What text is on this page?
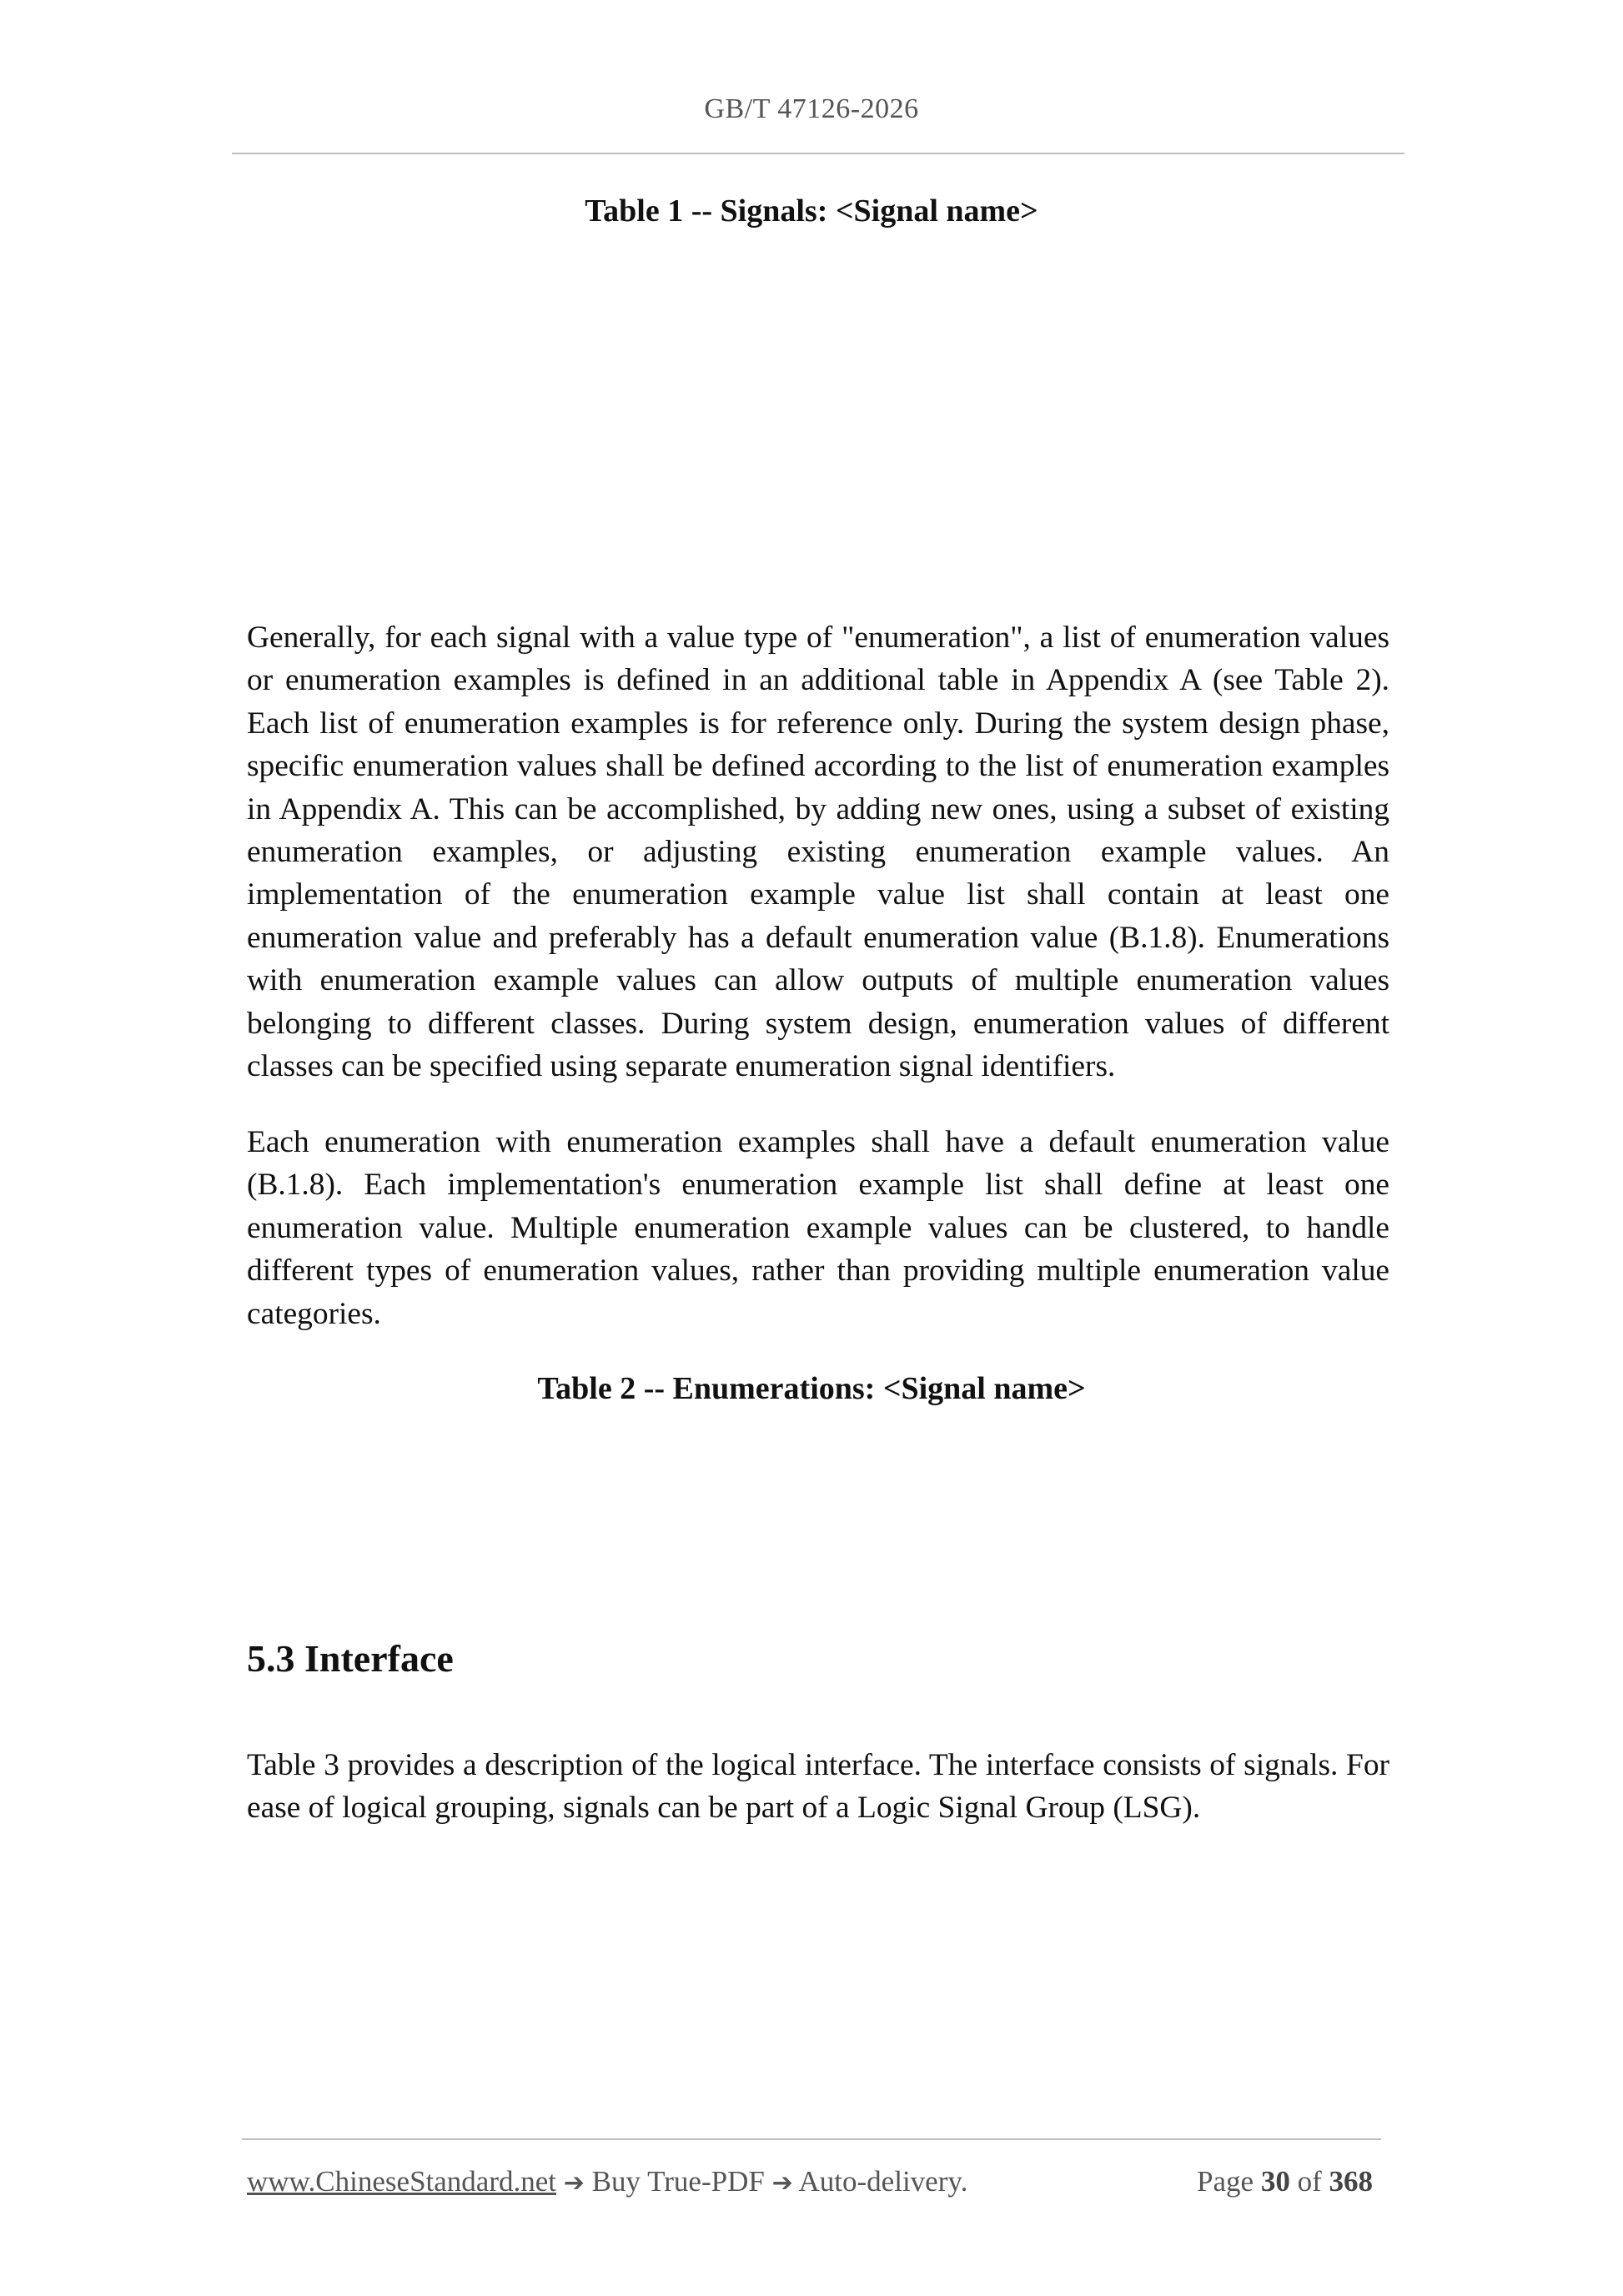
GB/T 47126-2026
Table 1 -- Signals: <Signal name>

Generally, for each signal with a value type of "enumeration", a list of enumeration values or enumeration examples is defined in an additional table in Appendix A (see Table 2). Each list of enumeration examples is for reference only. During the system design phase, specific enumeration values shall be defined according to the list of enumeration examples in Appendix A. This can be accomplished, by adding new ones, using a subset of existing enumeration examples, or adjusting existing enumeration example values. An implementation of the enumeration example value list shall contain at least one enumeration value and preferably has a default enumeration value (B.1.8). Enumerations with enumeration example values can allow outputs of multiple enumeration values belonging to different classes. During system design, enumeration values of different classes can be specified using separate enumeration signal identifiers.

Each enumeration with enumeration examples shall have a default enumeration value (B.1.8). Each implementation's enumeration example list shall define at least one enumeration value. Multiple enumeration example values can be clustered, to handle different types of enumeration values, rather than providing multiple enumeration value categories.

Table 2 -- Enumerations: <Signal name>
5.3 Interface

Table 3 provides a description of the logical interface. The interface consists of signals. For ease of logical grouping, signals can be part of a Logic Signal Group (LSG).

www.ChineseStandard.net ➔ Buy True-PDF ➔ Auto-delivery.	Page 30 of 368
